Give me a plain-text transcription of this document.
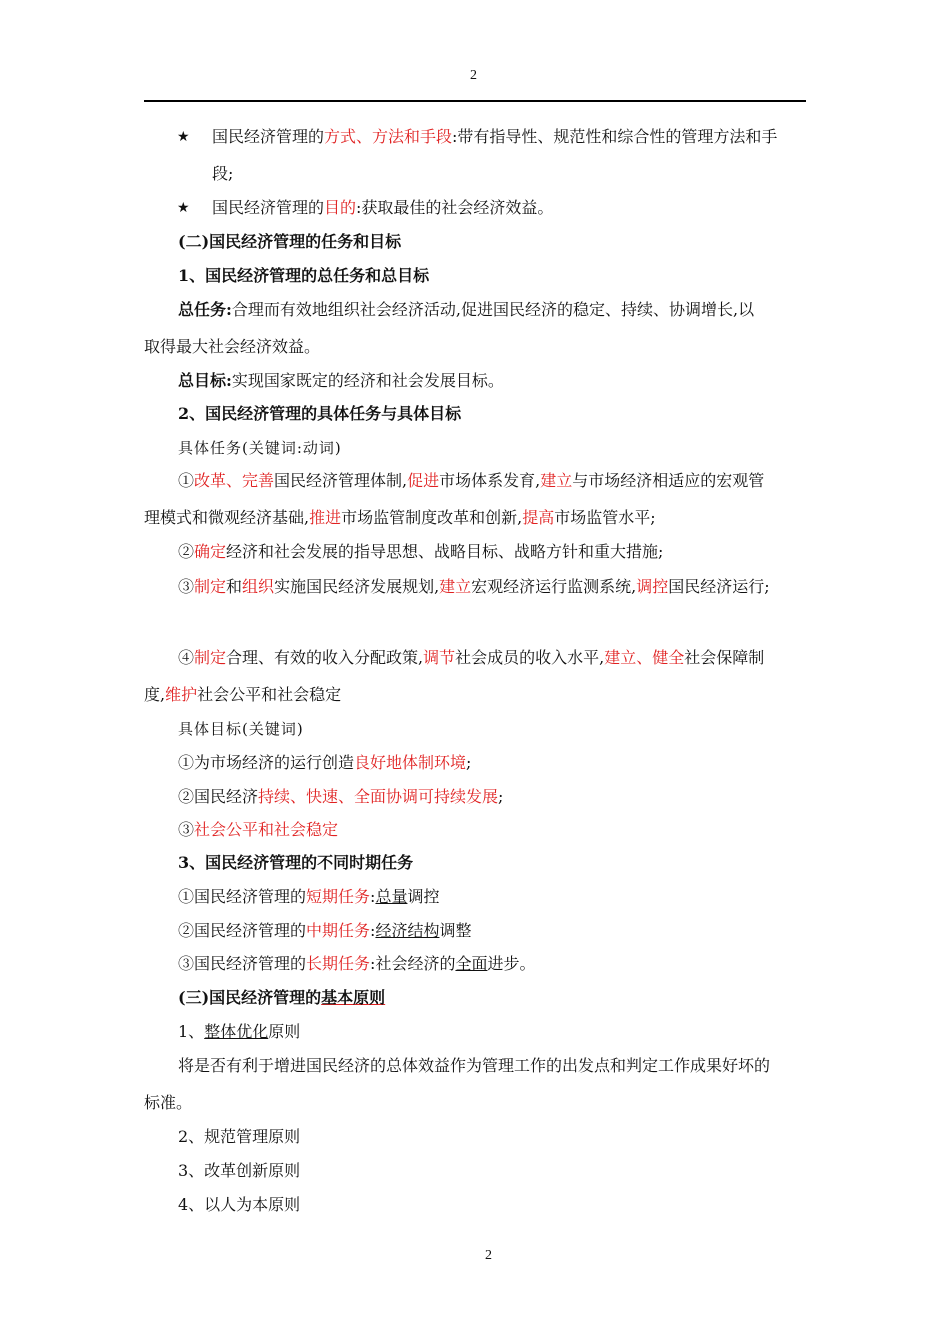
2
★ 国民经济管理的方式、方法和手段:带有指导性、规范性和综合性的管理方法和手
段;
★ 国民经济管理的目的:获取最佳的社会经济效益。
(二)国民经济管理的任务和目标
1、国民经济管理的总任务和总目标
总任务:合理而有效地组织社会经济活动,促进国民经济的稳定、持续、协调增长,以
取得最大社会经济效益。
总目标:实现国家既定的经济和社会发展目标。
2、国民经济管理的具体任务与具体目标
具体任务(关键词:动词)
①改革、完善国民经济管理体制,促进市场体系发育,建立与市场经济相适应的宏观管
理模式和微观经济基础,推进市场监管制度改革和创新,提高市场监管水平;
②确定经济和社会发展的指导思想、战略目标、战略方针和重大措施;
③制定和组织实施国民经济发展规划,建立宏观经济运行监测系统,调控国民经济运行;
④制定合理、有效的收入分配政策,调节社会成员的收入水平,建立、健全社会保障制
度,维护社会公平和社会稳定
具体目标(关键词)
①为市场经济的运行创造良好地体制环境;
②国民经济持续、快速、全面协调可持续发展;
③社会公平和社会稳定
3、国民经济管理的不同时期任务
①国民经济管理的短期任务:总量调控
②国民经济管理的中期任务:经济结构调整
③国民经济管理的长期任务:社会经济的全面进步。
(三)国民经济管理的基本原则
1、整体优化原则
将是否有利于增进国民经济的总体效益作为管理工作的出发点和判定工作成果好坏的
标准。
2、规范管理原则
3、改革创新原则
4、以人为本原则
2
